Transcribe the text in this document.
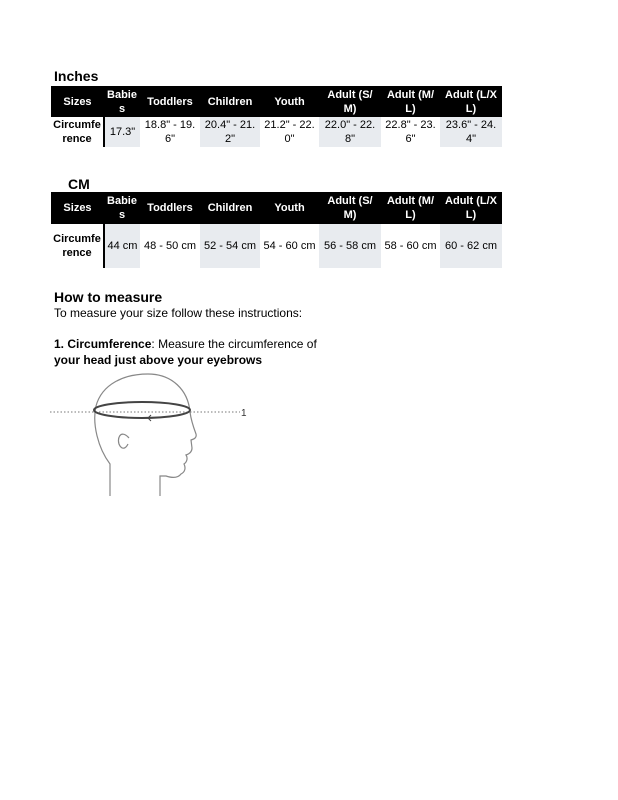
Inches
Sizes	Babies	Toddlers	Children	Youth	Adult (S/M)	Adult (M/L)	Adult (L/XL)
Circumference	17.3"	18.8" - 19.6"	20.4" - 21.2"	21.2" - 22.0"	22.0" - 22.8"	22.8" - 23.6"	23.6" - 24.4"
CM
Sizes	Babies	Toddlers	Children	Youth	Adult (S/M)	Adult (M/L)	Adult (L/XL)
Circumference	44 cm	48 - 50 cm	52 - 54 cm	54 - 60 cm	56 - 58 cm	58 - 60 cm	60 - 62 cm
How to measure
To measure your size follow these instructions:
1. Circumference: Measure the circumference of
your head just above your eyebrows
1
